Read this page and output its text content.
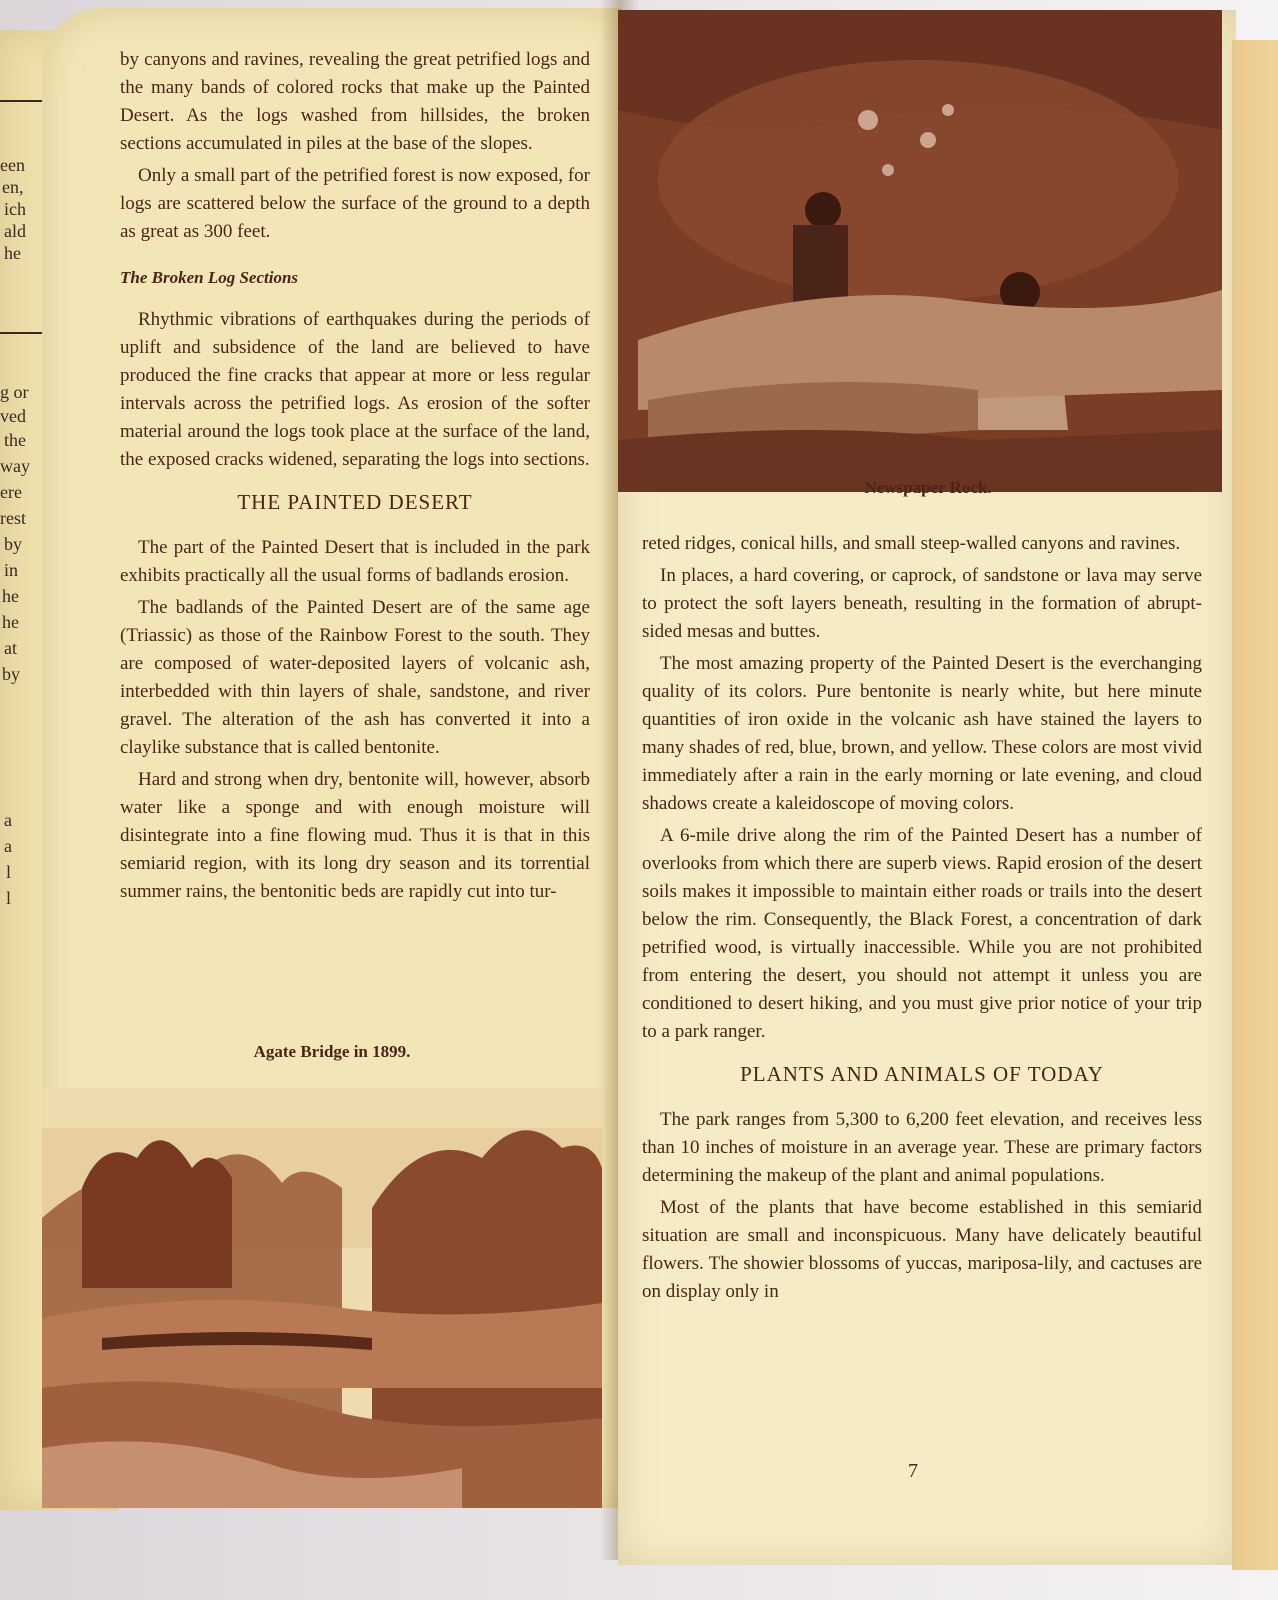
een
en,
ich
ald
he
g or
ved
the
way
ere
rest
by
in
he
he
at
by
a
a
l
l

by canyons and ravines, revealing the great petrified logs and the many bands of colored rocks that make up the Painted Desert. As the logs washed from hillsides, the broken sections accumulated in piles at the base of the slopes.

Only a small part of the petrified forest is now exposed, for logs are scattered below the surface of the ground to a depth as great as 300 feet.

The Broken Log Sections

Rhythmic vibrations of earthquakes during the periods of uplift and subsidence of the land are believed to have produced the fine cracks that appear at more or less regular intervals across the petrified logs. As erosion of the softer material around the logs took place at the surface of the land, the exposed cracks widened, separating the logs into sections.

THE PAINTED DESERT

The part of the Painted Desert that is included in the park exhibits practically all the usual forms of badlands erosion.

The badlands of the Painted Desert are of the same age (Triassic) as those of the Rainbow Forest to the south. They are composed of water-deposited layers of volcanic ash, interbedded with thin layers of shale, sandstone, and river gravel. The alteration of the ash has converted it into a claylike substance that is called bentonite.

Hard and strong when dry, bentonite will, however, absorb water like a sponge and with enough moisture will disintegrate into a fine flowing mud. Thus it is that in this semiarid region, with its long dry season and its torrential summer rains, the bentonitic beds are rapidly cut into tur-

Agate Bridge in 1899.
Newspaper Rock.

reted ridges, conical hills, and small steep-walled canyons and ravines.

In places, a hard covering, or caprock, of sandstone or lava may serve to protect the soft layers beneath, resulting in the formation of abrupt-sided mesas and buttes.

The most amazing property of the Painted Desert is the everchanging quality of its colors. Pure bentonite is nearly white, but here minute quantities of iron oxide in the volcanic ash have stained the layers to many shades of red, blue, brown, and yellow. These colors are most vivid immediately after a rain in the early morning or late evening, and cloud shadows create a kaleidoscope of moving colors.

A 6-mile drive along the rim of the Painted Desert has a number of overlooks from which there are superb views. Rapid erosion of the desert soils makes it impossible to maintain either roads or trails into the desert below the rim. Consequently, the Black Forest, a concentration of dark petrified wood, is virtually inaccessible. While you are not prohibited from entering the desert, you should not attempt it unless you are conditioned to desert hiking, and you must give prior notice of your trip to a park ranger.

PLANTS AND ANIMALS OF TODAY

The park ranges from 5,300 to 6,200 feet elevation, and receives less than 10 inches of moisture in an average year. These are primary factors determining the makeup of the plant and animal populations.

Most of the plants that have become established in this semiarid situation are small and inconspicuous. Many have delicately beautiful flowers. The showier blossoms of yuccas, mariposa-lily, and cactuses are on display only in

7
